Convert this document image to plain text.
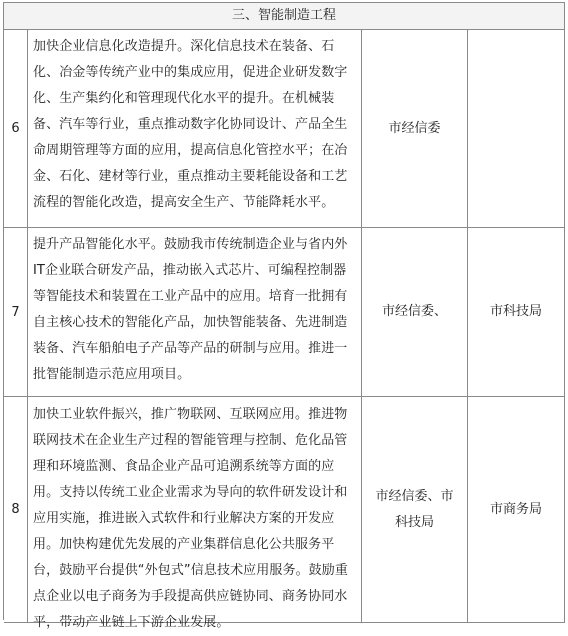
三、智能制造工程
6
加快企业信息化改造提升。深化信息技术在装备、石化、冶金等传统产业中的集成应用，促进企业研发数字化、生产集约化和管理现代化水平的提升。在机械装备、汽车等行业，重点推动数字化协同设计、产品全生命周期管理等方面的应用，提高信息化管控水平；在冶金、石化、建材等行业，重点推动主要耗能设备和工艺流程的智能化改造，提高安全生产、节能降耗水平。
市经信委
7
提升产品智能化水平。鼓励我市传统制造企业与省内外IT企业联合研发产品，推动嵌入式芯片、可编程控制器等智能技术和装置在工业产品中的应用。培育一批拥有自主核心技术的智能化产品，加快智能装备、先进制造装备、汽车船舶电子产品等产品的研制与应用。推进一批智能制造示范应用项目。
市经信委、	市科技局
8
加快工业软件振兴，推广物联网、互联网应用。推进物联网技术在企业生产过程的智能管理与控制、危化品管理和环境监测、食品企业产品可追溯系统等方面的应用。支持以传统工业企业需求为导向的软件研发设计和应用实施，推进嵌入式软件和行业解决方案的开发应用。加快构建优先发展的产业集群信息化公共服务平台，鼓励平台提供“外包式”信息技术应用服务。鼓励重点企业以电子商务为手段提高供应链协同、商务协同水平，带动产业链上下游企业发展。
市经信委、市科技局
市商务局
